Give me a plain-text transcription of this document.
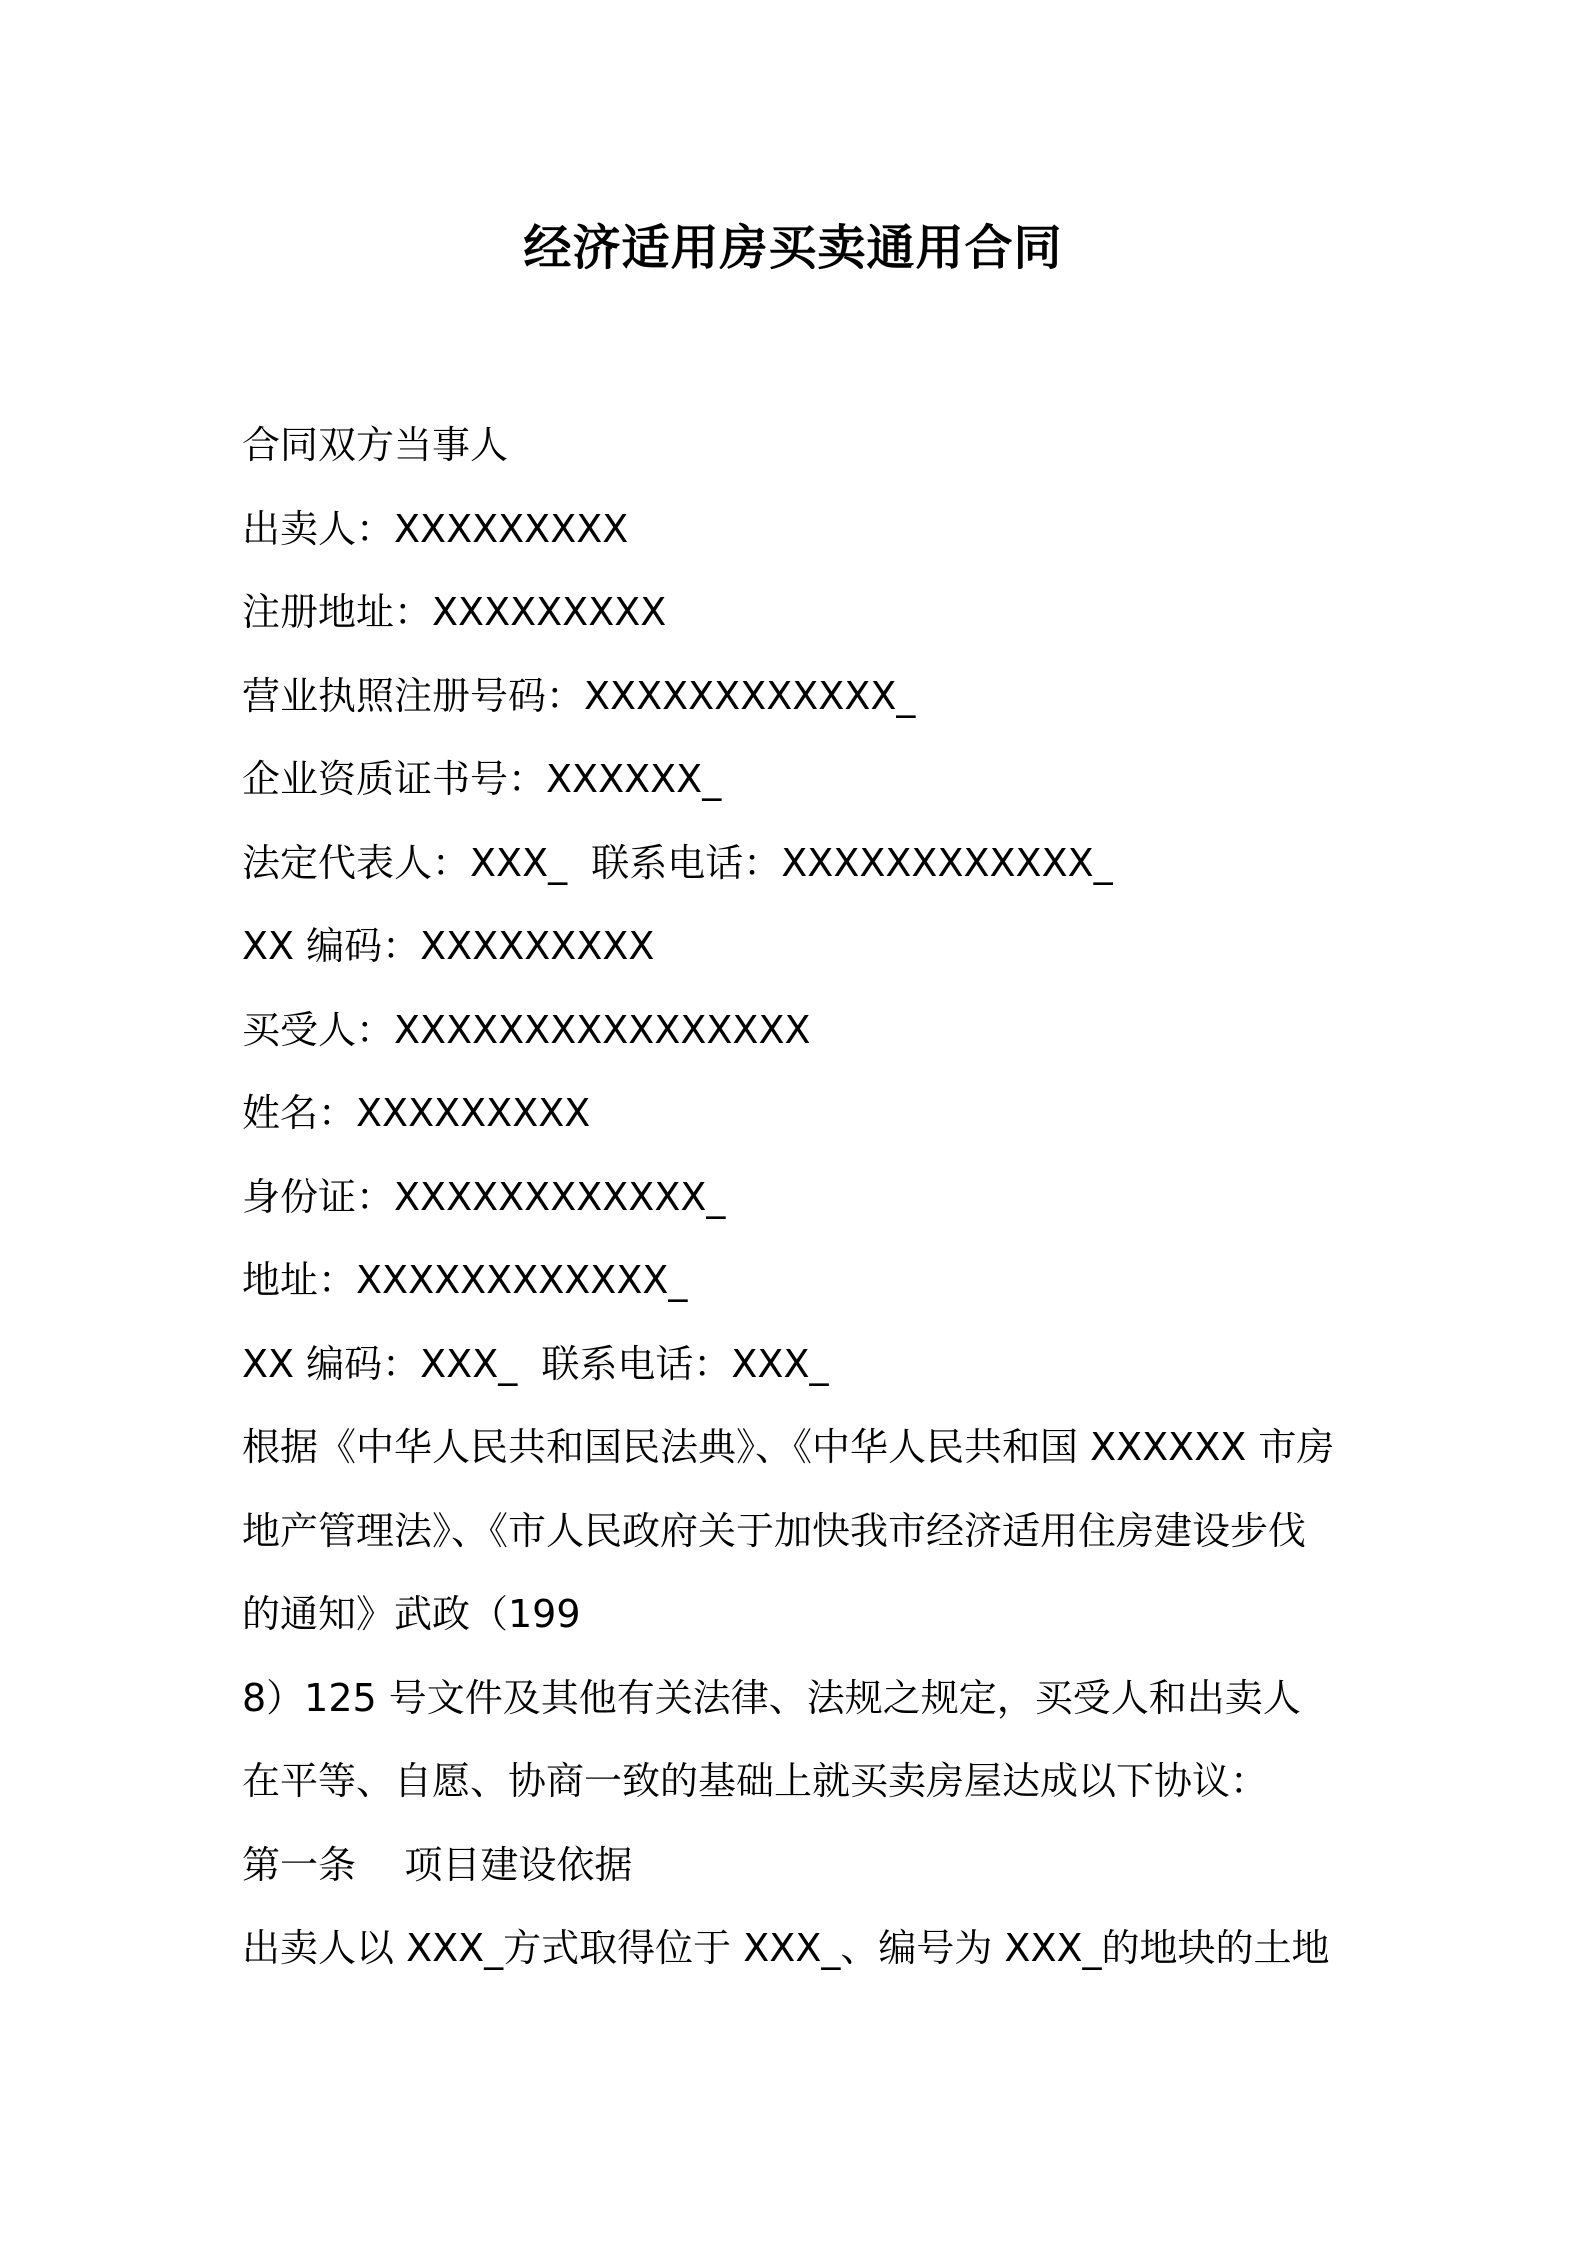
经济适用房买卖通用合同
合同双方当事人
出卖人：XXXXXXXXX
注册地址：XXXXXXXXX
营业执照注册号码：XXXXXXXXXXXX_
企业资质证书号：XXXXXX_
法定代表人：XXX_  联系电话：XXXXXXXXXXXX_
XX 编码：XXXXXXXXX
买受人：XXXXXXXXXXXXXXXX
姓名：XXXXXXXXX
身份证：XXXXXXXXXXXX_
地址：XXXXXXXXXXXX_
XX 编码：XXX_  联系电话：XXX_
根据《中华人民共和国民法典》、《中华人民共和国 XXXXXX 市房
地产管理法》、《市人民政府关于加快我市经济适用住房建设步伐
的通知》武政（199
8）125 号文件及其他有关法律、法规之规定，买受人和出卖人
在平等、自愿、协商一致的基础上就买卖房屋达成以下协议：
第一条    项目建设依据
出卖人以 XXX_方式取得位于 XXX_、编号为 XXX_的地块的土地
